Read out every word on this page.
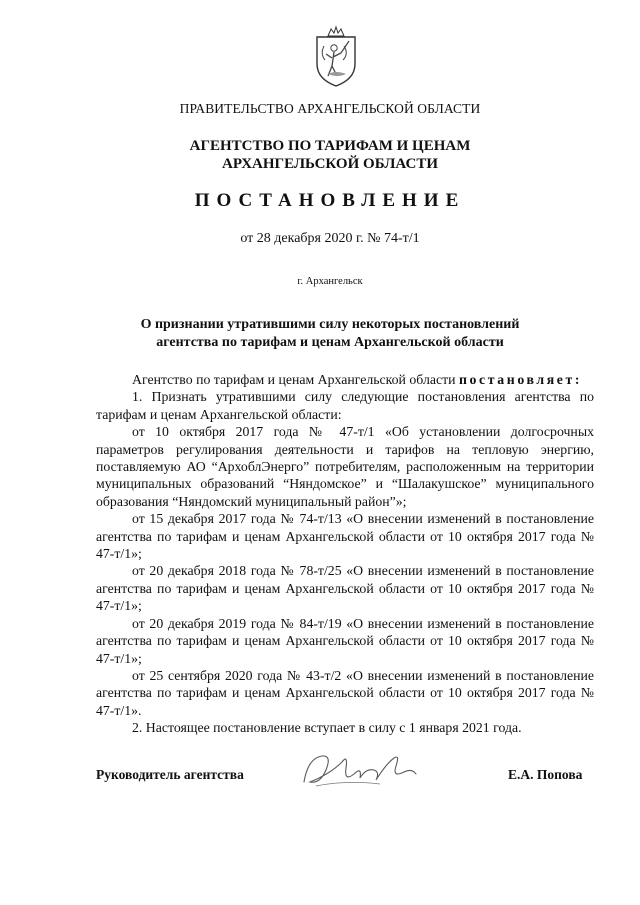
ПРАВИТЕЛЬСТВО АРХАНГЕЛЬСКОЙ ОБЛАСТИ
АГЕНТСТВО ПО ТАРИФАМ И ЦЕНАМ
АРХАНГЕЛЬСКОЙ ОБЛАСТИ
ПОСТАНОВЛЕНИЕ
от 28 декабря 2020 г. № 74-т/1
г. Архангельск
О признании утратившими силу некоторых постановлений
агентства по тарифам и ценам Архангельской области

Агентство по тарифам и ценам Архангельской области постановляет:

1. Признать утратившими силу следующие постановления агентства по тарифам и ценам Архангельской области:

от 10 октября 2017 года № 47-т/1 «Об установлении долгосрочных параметров регулирования деятельности и тарифов на тепловую энергию, поставляемую АО “АрхоблЭнерго” потребителям, расположенным на территории муниципальных образований “Няндомское” и “Шалакушское” муниципального образования “Няндомский муниципальный район”»;

от 15 декабря 2017 года № 74-т/13 «О внесении изменений в постановление агентства по тарифам и ценам Архангельской области от 10 октября 2017 года № 47-т/1»;

от 20 декабря 2018 года № 78-т/25 «О внесении изменений в постановление агентства по тарифам и ценам Архангельской области от 10 октября 2017 года № 47-т/1»;

от 20 декабря 2019 года № 84-т/19 «О внесении изменений в постановление агентства по тарифам и ценам Архангельской области от 10 октября 2017 года № 47-т/1»;

от 25 сентября 2020 года № 43-т/2 «О внесении изменений в постановление агентства по тарифам и ценам Архангельской области от 10 октября 2017 года № 47-т/1».

2. Настоящее постановление вступает в силу с 1 января 2021 года.

Руководитель агентства	Е.А. Попова
